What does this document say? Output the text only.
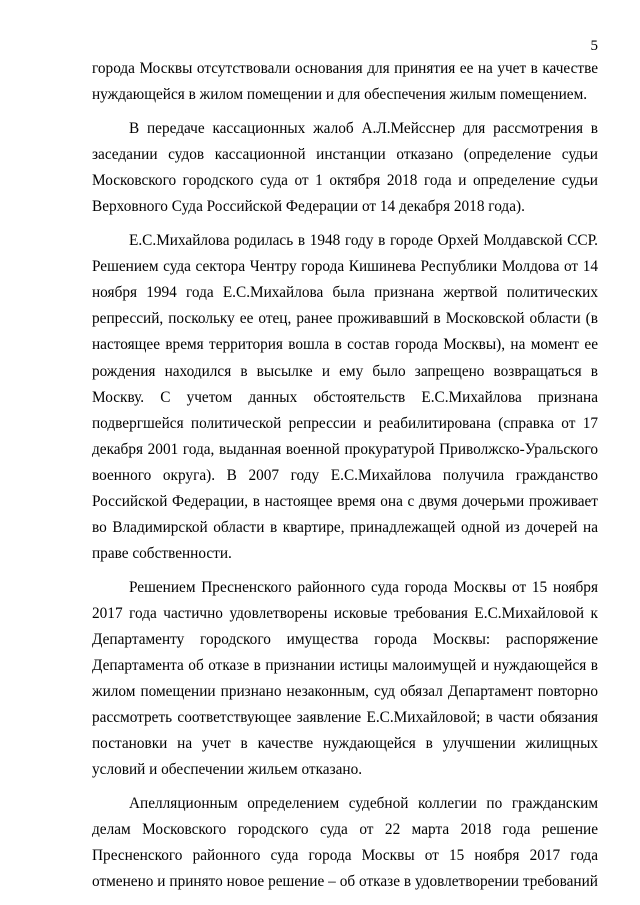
5

города Москвы отсутствовали основания для принятия ее на учет в качестве
нуждающейся в жилом помещении и для обеспечения жилым помещением.

В передаче кассационных жалоб А.Л.Мейсснер для рассмотрения в
заседании судов кассационной инстанции отказано (определение судьи
Московского городского суда от 1 октября 2018 года и определение судьи
Верховного Суда Российской Федерации от 14 декабря 2018 года).

Е.С.Михайлова родилась в 1948 году в городе Орхей Молдавской ССР.
Решением суда сектора Чентру города Кишинева Республики Молдова от 14
ноября 1994 года Е.С.Михайлова была признана жертвой политических
репрессий, поскольку ее отец, ранее проживавший в Московской области (в
настоящее время территория вошла в состав города Москвы), на момент ее
рождения находился в высылке и ему было запрещено возвращаться в
Москву. С учетом данных обстоятельств Е.С.Михайлова признана
подвергшейся политической репрессии и реабилитирована (справка от 17
декабря 2001 года, выданная военной прокуратурой Приволжско-Уральского
военного округа). В 2007 году Е.С.Михайлова получила гражданство
Российской Федерации, в настоящее время она с двумя дочерьми проживает
во Владимирской области в квартире, принадлежащей одной из дочерей на
праве собственности.

Решением Пресненского районного суда города Москвы от 15 ноября
2017 года частично удовлетворены исковые требования Е.С.Михайловой к
Департаменту городского имущества города Москвы: распоряжение
Департамента об отказе в признании истицы малоимущей и нуждающейся в
жилом помещении признано незаконным, суд обязал Департамент повторно
рассмотреть соответствующее заявление Е.С.Михайловой; в части обязания
постановки на учет в качестве нуждающейся в улучшении жилищных
условий и обеспечении жильем отказано.

Апелляционным определением судебной коллегии по гражданским
делам Московского городского суда от 22 марта 2018 года решение
Пресненского районного суда города Москвы от 15 ноября 2017 года
отменено и принято новое решение – об отказе в удовлетворении требований
